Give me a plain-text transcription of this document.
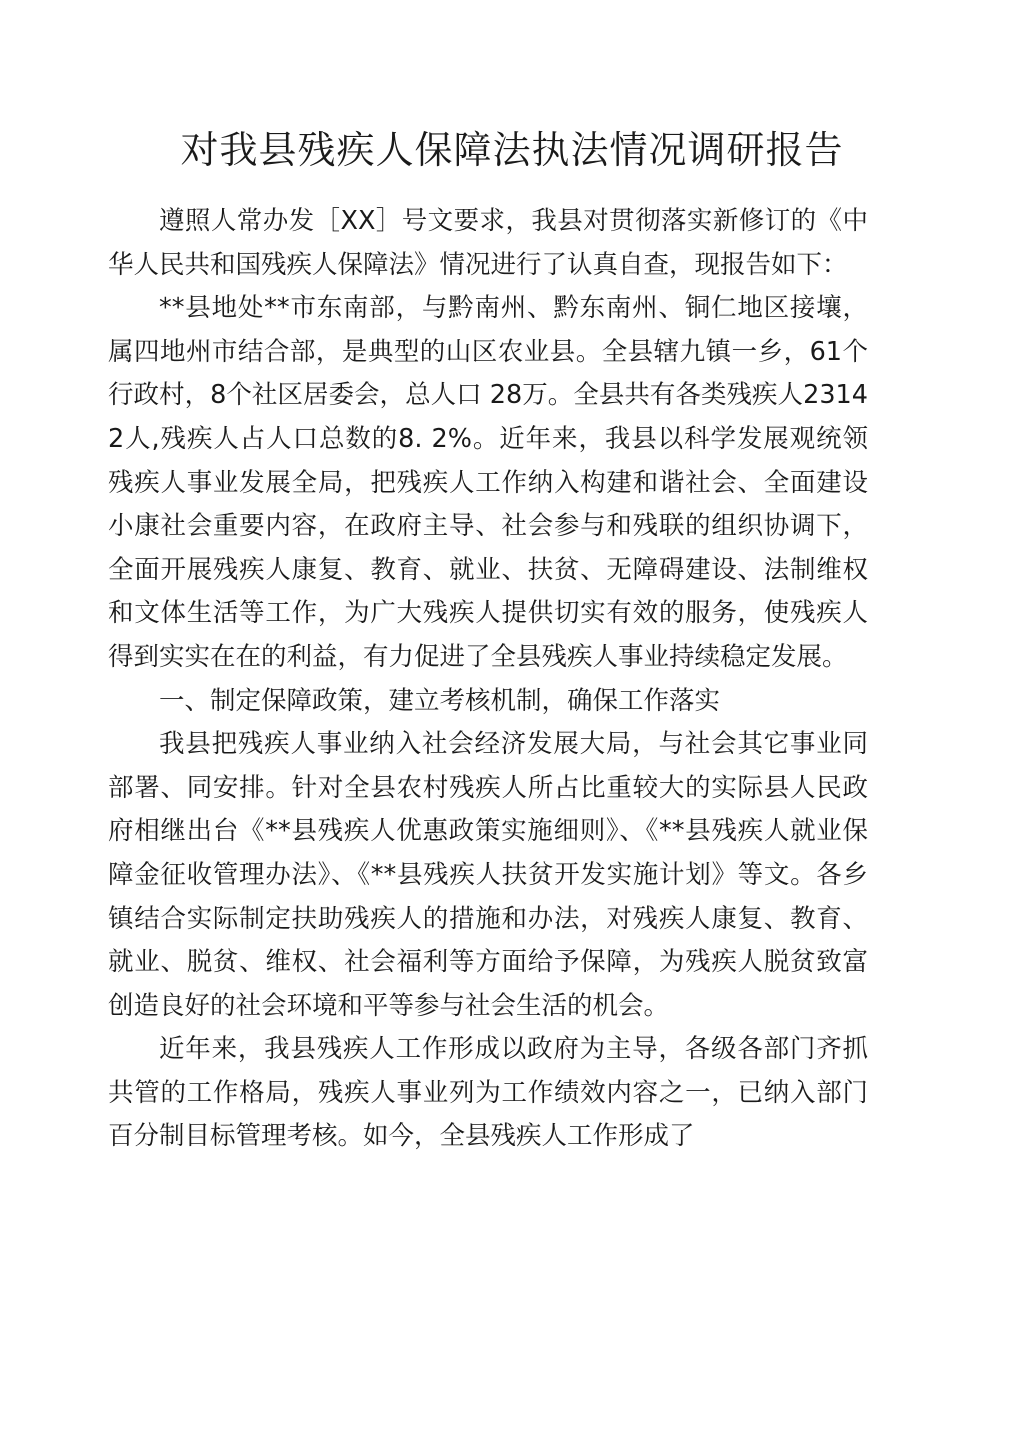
对我县残疾人保障法执法情况调研报告

遵照人常办发［XX］号文要求，我县对贯彻落实新修订的《中华人民共和国残疾人保障法》情况进行了认真自查，现报告如下：

**县地处**市东南部，与黔南州、黔东南州、铜仁地区接壤，属四地州市结合部，是典型的山区农业县。全县辖九镇一乡，61个行政村，8个社区居委会，总人口 28万。全县共有各类残疾人23142人,残疾人占人口总数的8. 2%。近年来，我县以科学发展观统领残疾人事业发展全局，把残疾人工作纳入构建和谐社会、全面建设小康社会重要内容，在政府主导、社会参与和残联的组织协调下，全面开展残疾人康复、教育、就业、扶贫、无障碍建设、法制维权和文体生活等工作，为广大残疾人提供切实有效的服务，使残疾人得到实实在在的利益，有力促进了全县残疾人事业持续稳定发展。

一、制定保障政策，建立考核机制，确保工作落实

我县把残疾人事业纳入社会经济发展大局，与社会其它事业同部署、同安排。针对全县农村残疾人所占比重较大的实际县人民政府相继出台《**县残疾人优惠政策实施细则》、《**县残疾人就业保障金征收管理办法》、《**县残疾人扶贫开发实施计划》等文。各乡镇结合实际制定扶助残疾人的措施和办法，对残疾人康复、教育、就业、脱贫、维权、社会福利等方面给予保障，为残疾人脱贫致富创造良好的社会环境和平等参与社会生活的机会。

近年来，我县残疾人工作形成以政府为主导，各级各部门齐抓共管的工作格局，残疾人事业列为工作绩效内容之一，已纳入部门百分制目标管理考核。如今，全县残疾人工作形成了
